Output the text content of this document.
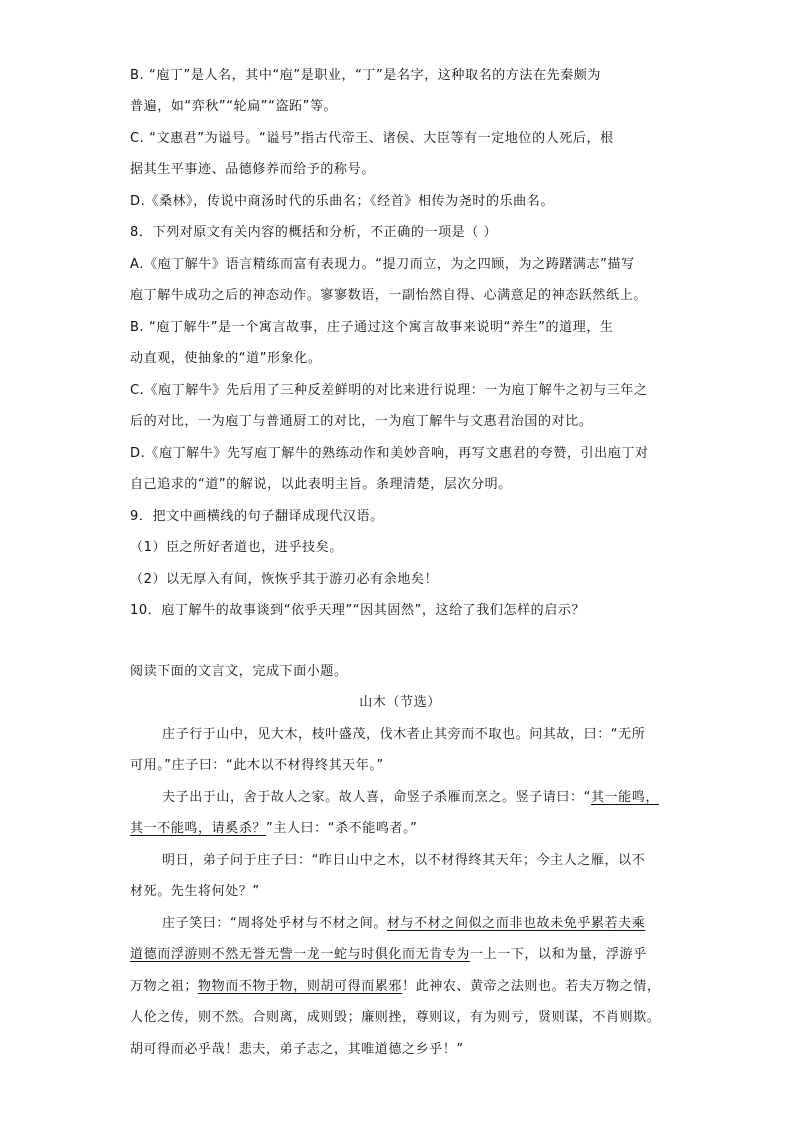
B. “庖丁”是人名，其中“庖”是职业，“丁”是名字，这种取名的方法在先秦颇为
普遍，如“弈秋”“轮扁”“盗跖”等。
C. “文惠君”为谥号。“谥号”指古代帝王、诸侯、大臣等有一定地位的人死后，根
据其生平事迹、品德修养而给予的称号。
D.《桑林》，传说中商汤时代的乐曲名；《经首》相传为尧时的乐曲名。
8．下列对原文有关内容的概括和分析，不正确的一项是（ ）
A.《庖丁解牛》语言精练而富有表现力。“提刀而立，为之四顾，为之踌躇满志”描写
庖丁解牛成功之后的神态动作。寥寥数语，一副怡然自得、心满意足的神态跃然纸上。
B. “庖丁解牛”是一个寓言故事，庄子通过这个寓言故事来说明“养生”的道理，生
动直观，使抽象的“道”形象化。
C.《庖丁解牛》先后用了三种反差鲜明的对比来进行说理：一为庖丁解牛之初与三年之
后的对比，一为庖丁与普通厨工的对比，一为庖丁解牛与文惠君治国的对比。
D.《庖丁解牛》先写庖丁解牛的熟练动作和美妙音响，再写文惠君的夸赞，引出庖丁对
自己追求的“道”的解说，以此表明主旨。条理清楚，层次分明。
9．把文中画横线的句子翻译成现代汉语。
（1）臣之所好者道也，进乎技矣。
（2）以无厚入有间，恢恢乎其于游刃必有余地矣！
10．庖丁解牛的故事谈到“依乎天理”“因其固然”，这给了我们怎样的启示？
阅读下面的文言文，完成下面小题。
山木（节选）
庄子行于山中，见大木，枝叶盛茂，伐木者止其旁而不取也。问其故，曰：“无所
可用。”庄子曰：“此木以不材得终其天年。”
夫子出于山，舍于故人之家。故人喜，命竖子杀雁而烹之。竖子请曰：“其一能鸣，
其一不能鸣，请奚杀？”主人曰：“杀不能鸣者。”
明日，弟子问于庄子曰：“昨日山中之木，以不材得终其天年；今主人之雁，以不
材死。先生将何处？”
庄子笑曰：“周将处乎材与不材之间。材与不材之间似之而非也故未免乎累若夫乘
道德而浮游则不然无誉无訾一龙一蛇与时俱化而无肯专为一上一下，以和为量，浮游乎
万物之祖；物物而不物于物，则胡可得而累邪！此神农、黄帝之法则也。若夫万物之情，
人伦之传，则不然。合则离，成则毁；廉则挫，尊则议，有为则亏，贤则谋，不肖则欺。
胡可得而必乎哉！悲夫，弟子志之，其唯道德之乡乎！”
